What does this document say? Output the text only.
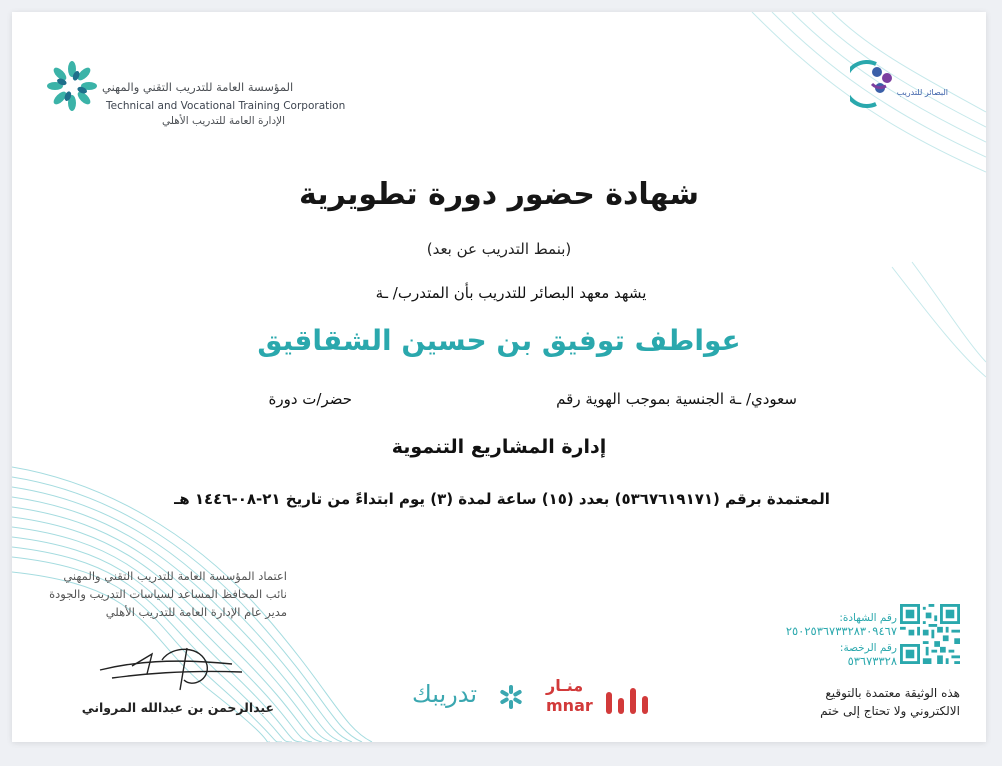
المؤسسة العامة للتدريب التقني والمهني
Technical and Vocational Training Corporation
الإدارة العامة للتدريب الأهلي
البصائر للتدريب
شهادة حضور دورة تطويرية
(بنمط التدريب عن بعد)
يشهد معهد البصائر للتدريب بأن المتدرب/ ـة
عواطف توفيق بن حسين الشقاقيق
سعودي/ ـة الجنسية بموجب الهوية رقم
حضر/ت دورة
إدارة المشاريع التنموية
المعتمدة برقم (٥٣٦٧٦١٩١٧١) بعدد (١٥) ساعة لمدة (٣) يوم ابتداءً من تاريخ ٢١-٠٨-١٤٤٦ هـ
اعتماد المؤسسة العامة للتدريب التقني والمهني
نائب المحافظ المساعد لسياسات التدريب والجودة
مدير عام الإدارة العامة للتدريب الأهلي
عبدالرحمن بن عبدالله المرواني	تدريبك	منـار
mnar
رقم الشهادة:
٢٥٠٢٥٣٦٧٣٣٢٨٣٠٩٤٦٧
رقم الرخصة:
٥٣٦٧٣٣٢٨
هذه الوثيقة معتمدة بالتوقيع
الالكتروني ولا تحتاج إلى ختم
